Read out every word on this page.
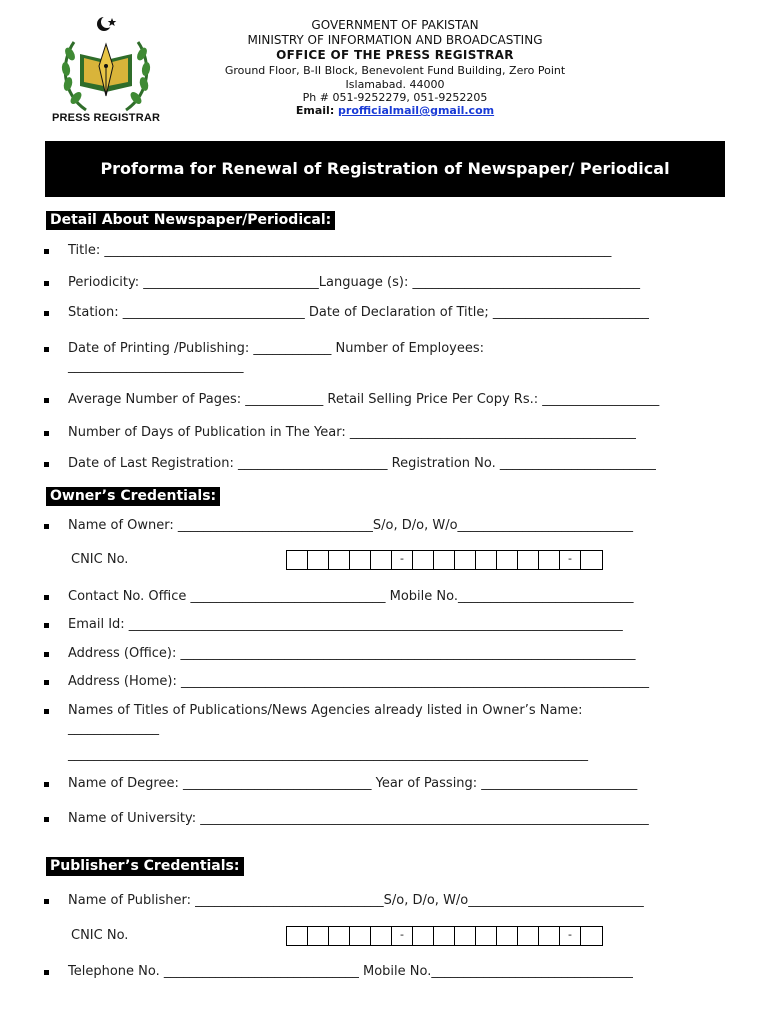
PRESS REGISTRAR
GOVERNMENT OF PAKISTAN
MINISTRY OF INFORMATION AND BROADCASTING
OFFICE OF THE PRESS REGISTRAR
Ground Floor, B-II Block, Benevolent Fund Building, Zero Point
Islamabad. 44000
Ph # 051-9252279, 051-9252205
Email: profficialmail@gmail.com
Proforma for Renewal of Registration of Newspaper/ Periodical
Detail About Newspaper/Periodical:
Title: ______________________________________________________________________________
Periodicity: ___________________________Language (s): ___________________________________
Station: ____________________________ Date of Declaration of Title; ________________________
Date of Printing /Publishing: ____________ Number of Employees:
___________________________
Average Number of Pages: ____________ Retail Selling Price Per Copy Rs.: __________________
Number of Days of Publication in The Year: ____________________________________________
Date of Last Registration: _______________________ Registration No. ________________________
Owner’s Credentials:
Name of Owner: ______________________________S/o, D/o, W/o___________________________
CNIC No.	-	-
Contact No. Office ______________________________ Mobile No.___________________________
Email Id: ____________________________________________________________________________
Address (Office): ______________________________________________________________________
Address (Home): ________________________________________________________________________
Names of Titles of Publications/News Agencies already listed in Owner’s Name:
______________
________________________________________________________________________________
Name of Degree: _____________________________ Year of Passing: ________________________
Name of University: _____________________________________________________________________
Publisher’s Credentials:
Name of Publisher: _____________________________S/o, D/o, W/o___________________________
CNIC No.	-	-
Telephone No. ______________________________ Mobile No._______________________________
